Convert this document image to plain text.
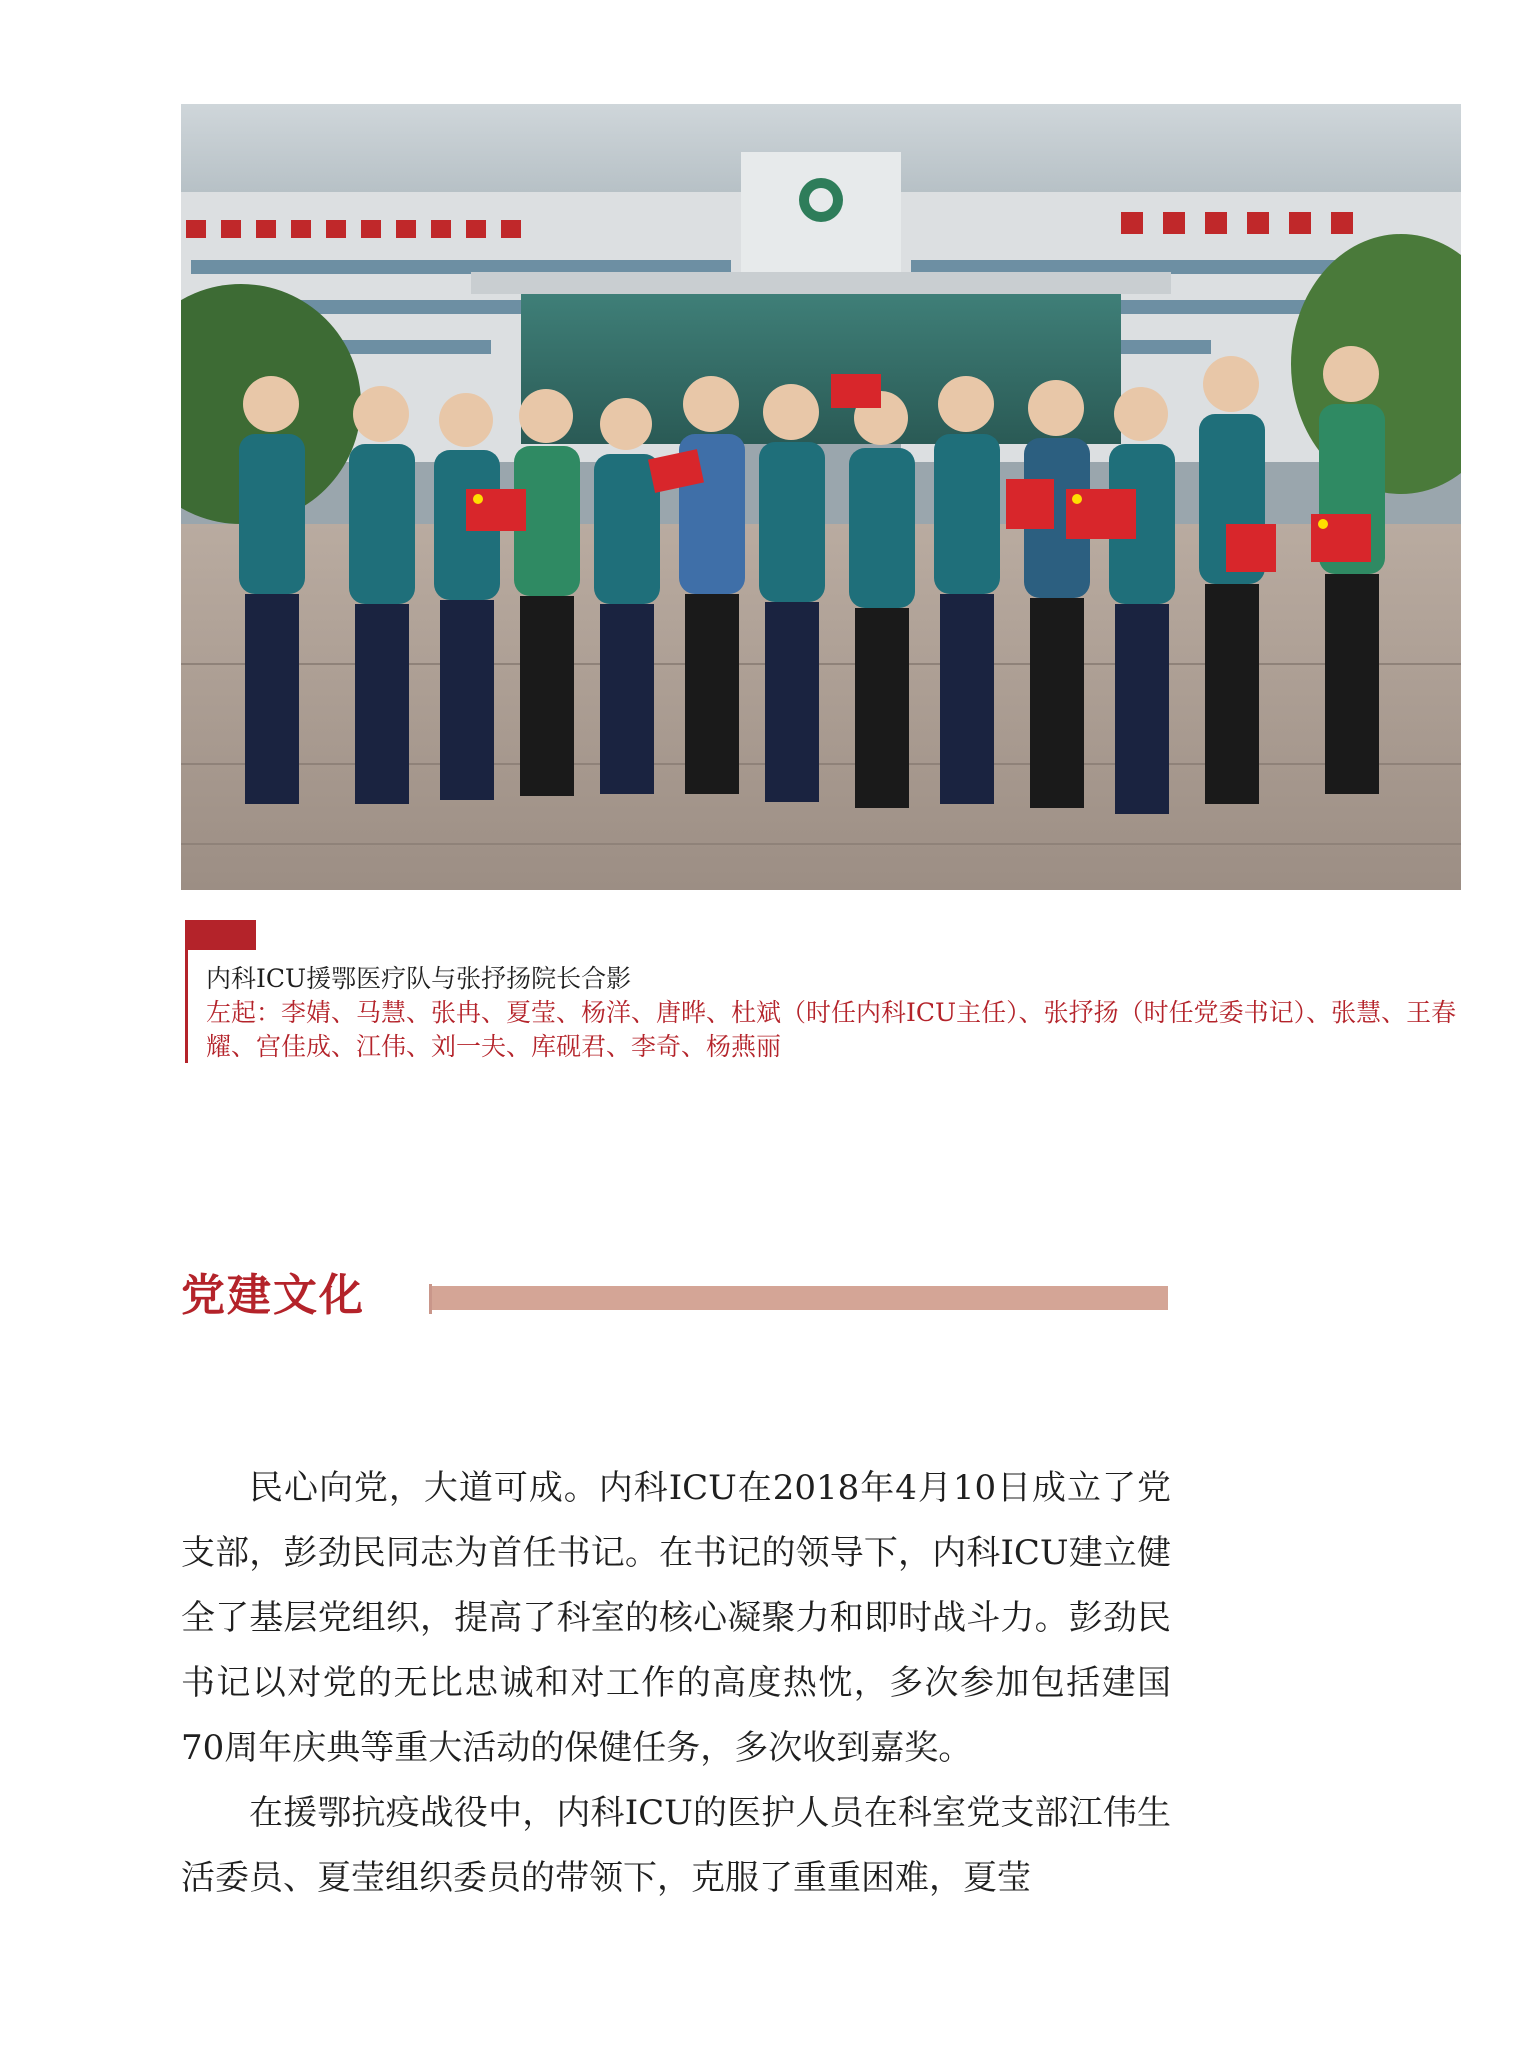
内科ICU援鄂医疗队与张抒扬院长合影
左起：李婧、马慧、张冉、夏莹、杨洋、唐晔、杜斌（时任内科ICU主任）、张抒扬（时任党委书记）、张慧、王春耀、宫佳成、江伟、刘一夫、库砚君、李奇、杨燕丽
党建文化

民心向党，大道可成。内科ICU在2018年4月10日成立了党支部，彭劲民同志为首任书记。在书记的领导下，内科ICU建立健全了基层党组织，提高了科室的核心凝聚力和即时战斗力。彭劲民书记以对党的无比忠诚和对工作的高度热忱，多次参加包括建国70周年庆典等重大活动的保健任务，多次收到嘉奖。

在援鄂抗疫战役中，内科ICU的医护人员在科室党支部江伟生活委员、夏莹组织委员的带领下，克服了重重困难，夏莹
